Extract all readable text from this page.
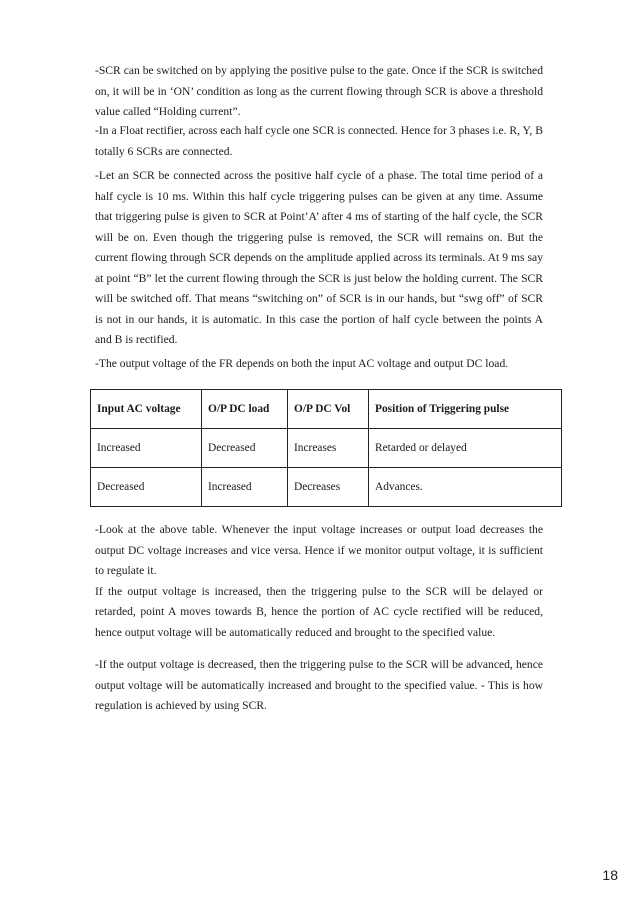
-SCR can be switched on by applying the positive pulse to the gate. Once if the SCR is switched on, it will be in ‘ON’ condition as long as the current flowing through SCR is above a threshold value called “Holding current”.

-In a Float rectifier, across each half cycle one SCR is connected. Hence for 3 phases i.e. R, Y, B totally 6 SCRs are connected.

-Let an SCR be connected across the positive half cycle of a phase. The total time period of a half cycle is 10 ms. Within this half cycle triggering pulses can be given at any time. Assume that triggering pulse is given to SCR at Point’A’ after 4 ms of starting of the half cycle, the SCR will be on. Even though the triggering pulse is removed, the SCR will remains on. But the current flowing through SCR depends on the amplitude applied across its terminals. At 9 ms say at point “B” let the current flowing through the SCR is just below the holding current. The SCR will be switched off. That means “switching on” of SCR is in our hands, but “swg off” of SCR is not in our hands, it is automatic. In this case the portion of half cycle between the points A and B is rectified.

-The output voltage of the FR depends on both the input AC voltage and output DC load.

Input AC voltage	O/P DC load	O/P DC Vol	Position of Triggering pulse
Increased	Decreased	Increases	Retarded or delayed
Decreased	Increased	Decreases	Advances.

-Look at the above table. Whenever the input voltage increases or output load decreases the output DC voltage increases and vice versa. Hence if we monitor output voltage, it is sufficient to regulate it.

If the output voltage is increased, then the triggering pulse to the SCR will be delayed or retarded, point A moves towards B, hence the portion of AC cycle rectified will be reduced, hence output voltage will be automatically reduced and brought to the specified value.

-If the output voltage is decreased, then the triggering pulse to the SCR will be advanced, hence output voltage will be automatically increased and brought to the specified value. - This is how regulation is achieved by using SCR.

18
